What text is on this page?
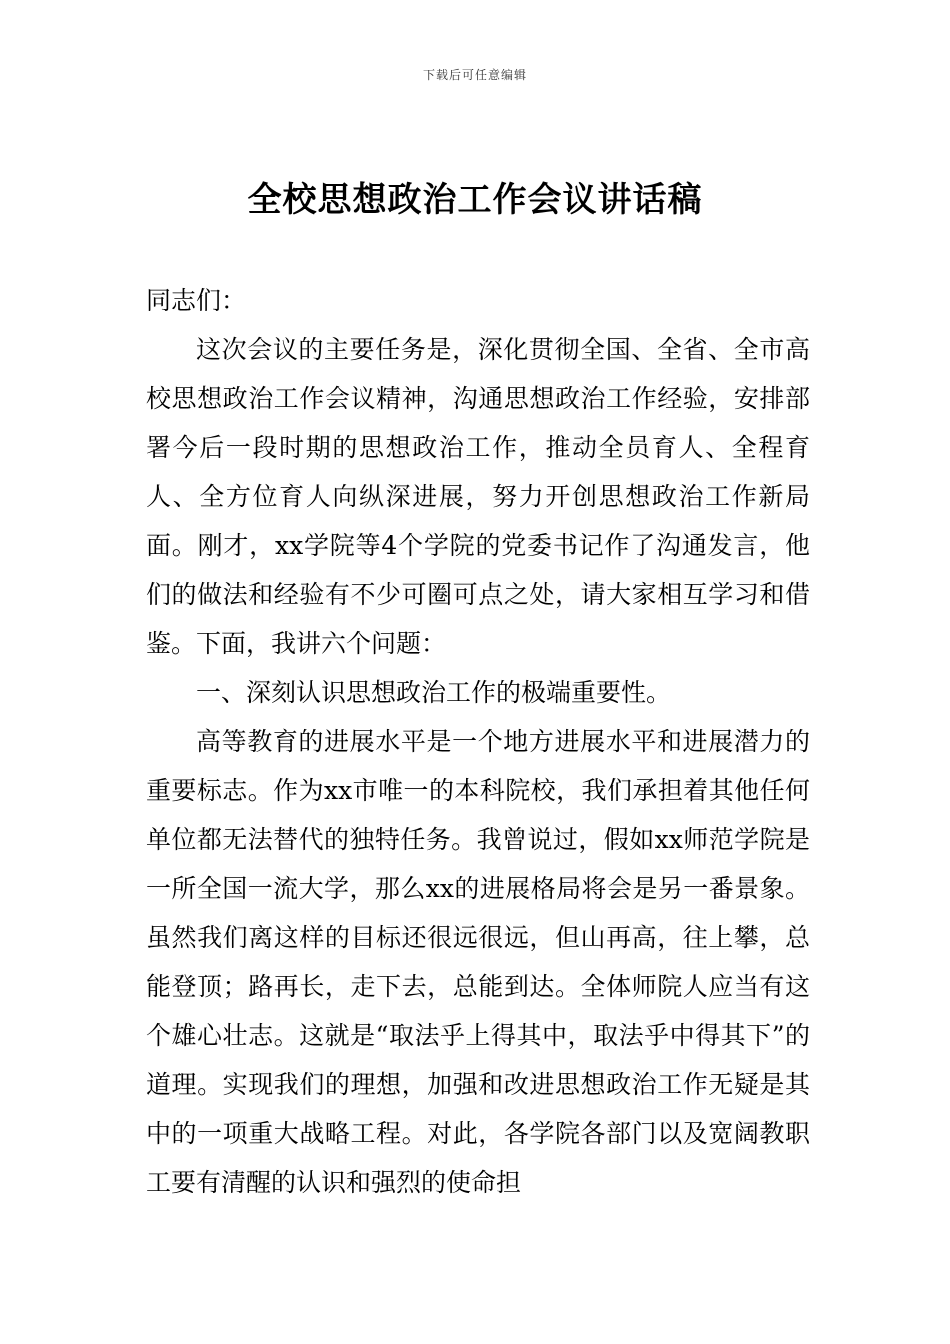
下载后可任意编辑
全校思想政治工作会议讲话稿

同志们：

这次会议的主要任务是，深化贯彻全国、全省、全市高校思想政治工作会议精神，沟通思想政治工作经验，安排部署今后一段时期的思想政治工作，推动全员育人、全程育人、全方位育人向纵深进展，努力开创思想政治工作新局面。刚才，xx学院等4个学院的党委书记作了沟通发言，他们的做法和经验有不少可圈可点之处，请大家相互学习和借鉴。下面，我讲六个问题：

一、深刻认识思想政治工作的极端重要性。

高等教育的进展水平是一个地方进展水平和进展潜力的重要标志。作为xx市唯一的本科院校，我们承担着其他任何单位都无法替代的独特任务。我曾说过，假如xx师范学院是一所全国一流大学，那么xx的进展格局将会是另一番景象。虽然我们离这样的目标还很远很远，但山再高，往上攀，总能登顶；路再长，走下去，总能到达。全体师院人应当有这个雄心壮志。这就是“取法乎上得其中，取法乎中得其下”的道理。实现我们的理想，加强和改进思想政治工作无疑是其中的一项重大战略工程。对此，各学院各部门以及宽阔教职工要有清醒的认识和强烈的使命担
